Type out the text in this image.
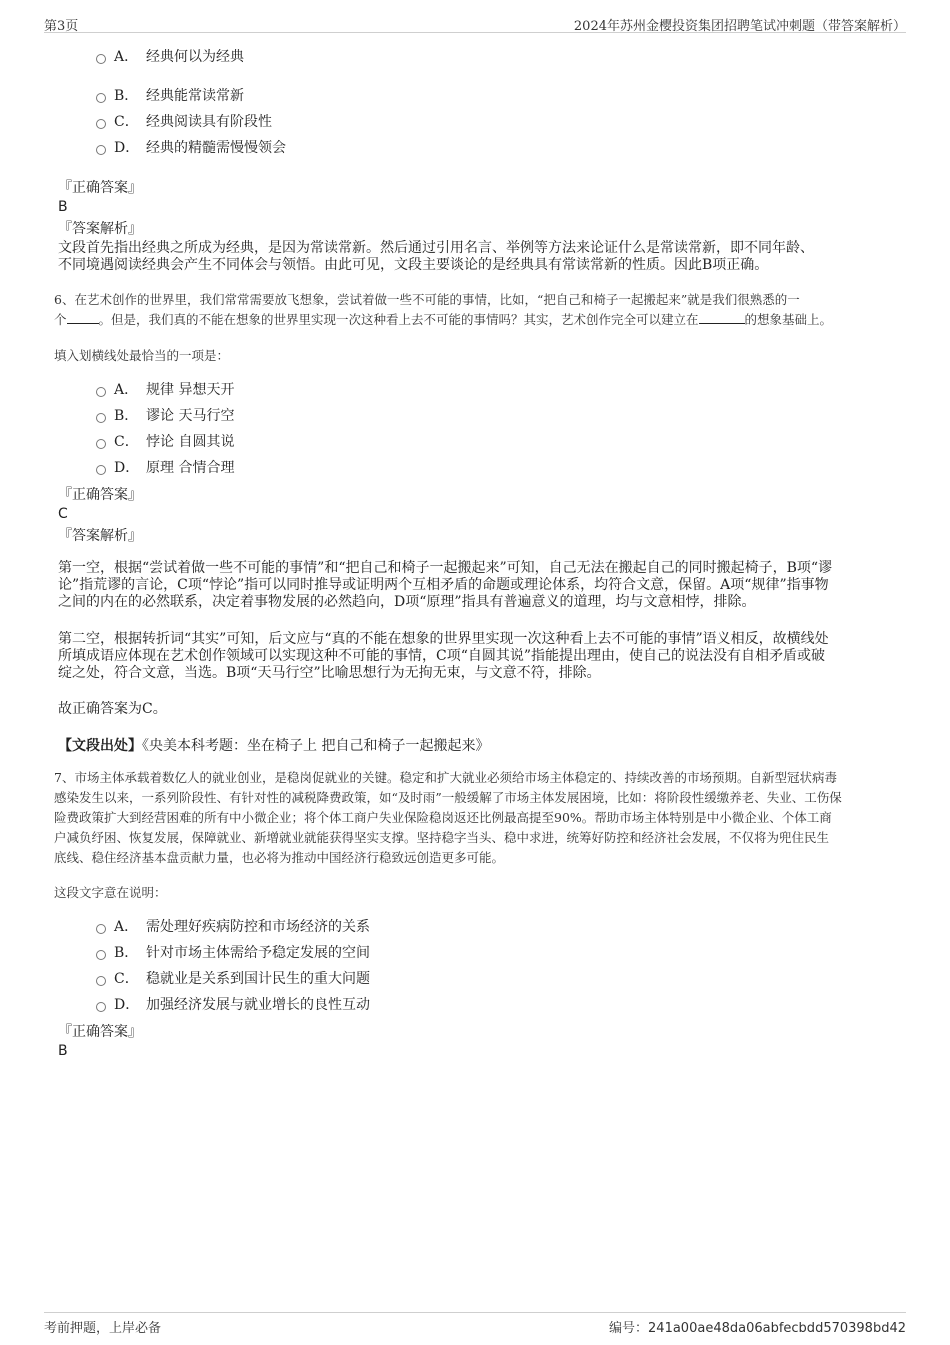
第3页	2024年苏州金樱投资集团招聘笔试冲刺题（带答案解析）
A． 经典何以为经典
B． 经典能常读常新
C． 经典阅读具有阶段性
D． 经典的精髓需慢慢领会
『正确答案』
B
『答案解析』
文段首先指出经典之所成为经典，是因为常读常新。然后通过引用名言、举例等方法来论证什么是常读常新，即不同年龄、
不同境遇阅读经典会产生不同体会与领悟。由此可见，文段主要谈论的是经典具有常读常新的性质。因此B项正确。
6、在艺术创作的世界里，我们常常需要放飞想象，尝试着做一些不可能的事情，比如，“把自己和椅子一起搬起来”就是我们很熟悉的一
个	。但是，我们真的不能在想象的世界里实现一次这种看上去不可能的事情吗？其实，艺术创作完全可以建立在	的想象基础上。
填入划横线处最恰当的一项是：
A． 规律 异想天开
B． 谬论 天马行空
C． 悖论 自圆其说
D． 原理 合情合理
『正确答案』
C
『答案解析』
第一空，根据“尝试着做一些不可能的事情”和“把自己和椅子一起搬起来”可知，自己无法在搬起自己的同时搬起椅子，B项“谬
论”指荒谬的言论，C项“悖论”指可以同时推导或证明两个互相矛盾的命题或理论体系，均符合文意，保留。A项“规律”指事物
之间的内在的必然联系，决定着事物发展的必然趋向，D项“原理”指具有普遍意义的道理，均与文意相悖，排除。
第二空，根据转折词“其实”可知，后文应与“真的不能在想象的世界里实现一次这种看上去不可能的事情”语义相反，故横线处
所填成语应体现在艺术创作领域可以实现这种不可能的事情，C项“自圆其说”指能提出理由，使自己的说法没有自相矛盾或破
绽之处，符合文意，当选。B项“天马行空”比喻思想行为无拘无束，与文意不符，排除。
故正确答案为C。
【文段出处】《央美本科考题：坐在椅子上 把自己和椅子一起搬起来》
7、市场主体承载着数亿人的就业创业，是稳岗促就业的关键。稳定和扩大就业必须给市场主体稳定的、持续改善的市场预期。自新型冠状病毒
感染发生以来，一系列阶段性、有针对性的减税降费政策，如“及时雨”一般缓解了市场主体发展困境，比如：将阶段性缓缴养老、失业、工伤保
险费政策扩大到经营困难的所有中小微企业；将个体工商户失业保险稳岗返还比例最高提至90%。帮助市场主体特别是中小微企业、个体工商
户减负纾困、恢复发展，保障就业、新增就业就能获得坚实支撑。坚持稳字当头、稳中求进，统筹好防控和经济社会发展，不仅将为兜住民生
底线、稳住经济基本盘贡献力量，也必将为推动中国经济行稳致远创造更多可能。
这段文字意在说明：
A． 需处理好疾病防控和市场经济的关系
B． 针对市场主体需给予稳定发展的空间
C． 稳就业是关系到国计民生的重大问题
D． 加强经济发展与就业增长的良性互动
『正确答案』
B
考前押题，上岸必备	编号：241a00ae48da06abfecbdd570398bd42
